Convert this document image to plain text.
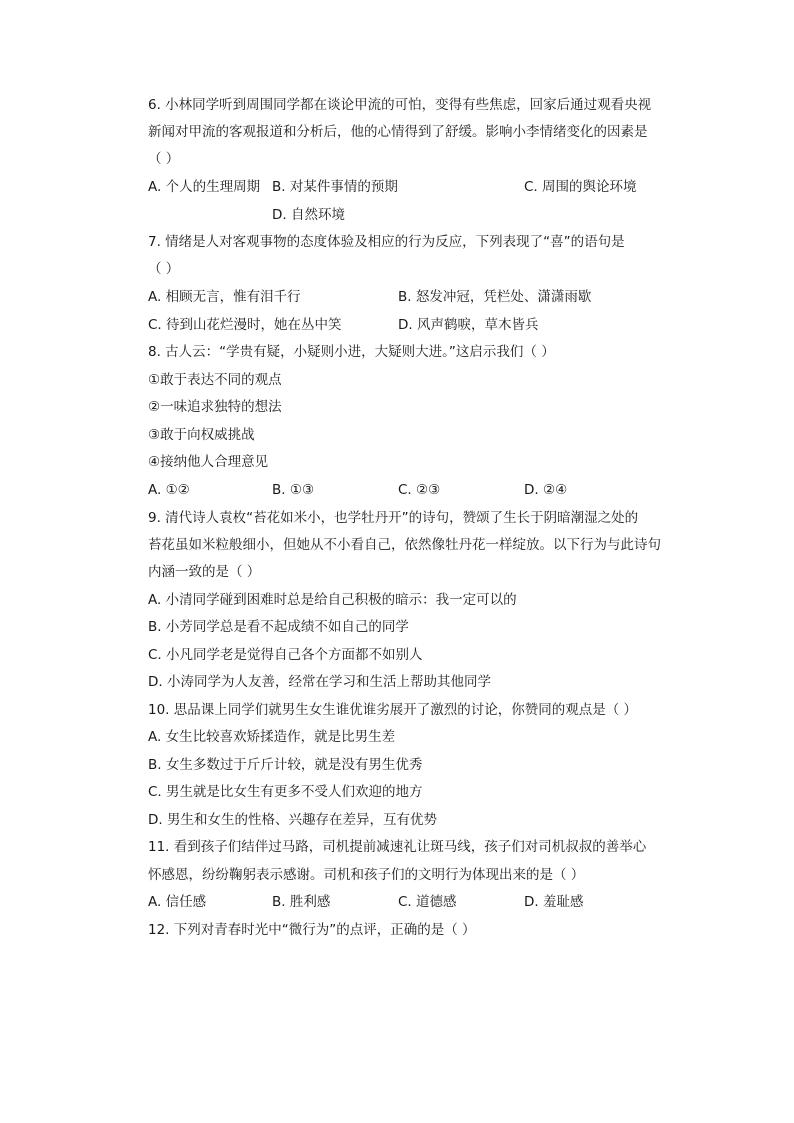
6. 小林同学听到周围同学都在谈论甲流的可怕，变得有些焦虑，回家后通过观看央视
新闻对甲流的客观报道和分析后，他的心情得到了舒缓。影响小李情绪变化的因素是
（ ）
A. 个人的生理周期 B. 对某件事情的预期	C. 周围的舆论环境
D. 自然环境
7. 情绪是人对客观事物的态度体验及相应的行为反应，下列表现了“喜”的语句是
（ ）
A. 相顾无言，惟有泪千行	B. 怒发冲冠，凭栏处、潇潇雨歇
C. 待到山花烂漫时，她在丛中笑	D. 风声鹤唳，草木皆兵
8. 古人云：“学贵有疑，小疑则小进，大疑则大进。”这启示我们（ ）
①敢于表达不同的观点
②一味追求独特的想法
③敢于向权威挑战
④接纳他人合理意见
A. ①②	B. ①③	C. ②③	D. ②④
9. 清代诗人袁枚“苔花如米小，也学牡丹开”的诗句，赞颂了生长于阴暗潮湿之处的
苔花虽如米粒般细小，但她从不小看自己，依然像牡丹花一样绽放。以下行为与此诗句
内涵一致的是（ ）
A. 小清同学碰到困难时总是给自己积极的暗示：我一定可以的
B. 小芳同学总是看不起成绩不如自己的同学
C. 小凡同学老是觉得自己各个方面都不如别人
D. 小涛同学为人友善，经常在学习和生活上帮助其他同学
10. 思品课上同学们就男生女生谁优谁劣展开了激烈的讨论，你赞同的观点是（ ）
A. 女生比较喜欢矫揉造作，就是比男生差
B. 女生多数过于斤斤计较，就是没有男生优秀
C. 男生就是比女生有更多不受人们欢迎的地方
D. 男生和女生的性格、兴趣存在差异，互有优势
11. 看到孩子们结伴过马路，司机提前减速礼让斑马线，孩子们对司机叔叔的善举心
怀感恩，纷纷鞠躬表示感谢。司机和孩子们的文明行为体现出来的是（ ）
A. 信任感	B. 胜利感	C. 道德感	D. 羞耻感
12. 下列对青春时光中“微行为”的点评，正确的是（ ）
